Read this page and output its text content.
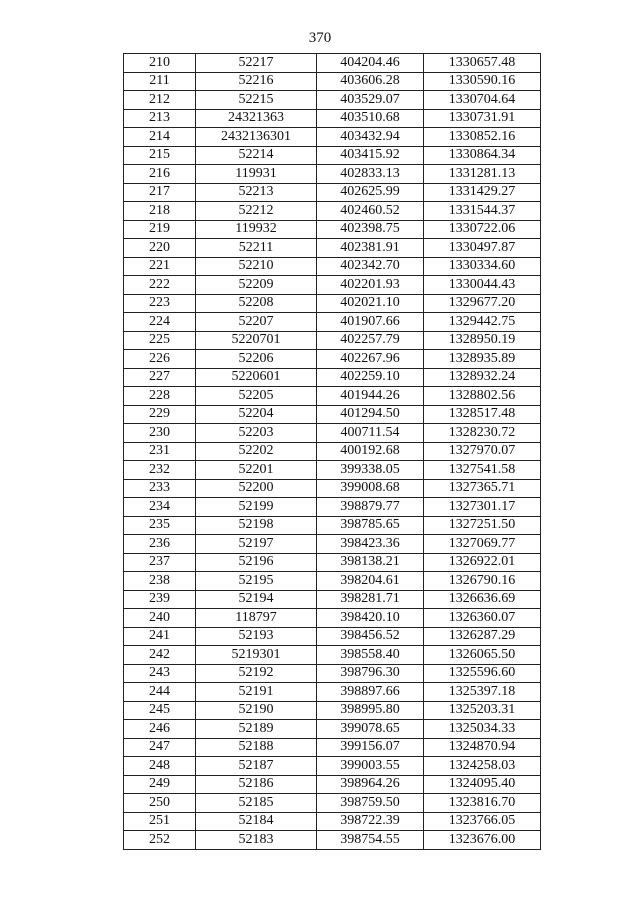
370
210	52217	404204.46	1330657.48
211	52216	403606.28	1330590.16
212	52215	403529.07	1330704.64
213	24321363	403510.68	1330731.91
214	2432136301	403432.94	1330852.16
215	52214	403415.92	1330864.34
216	119931	402833.13	1331281.13
217	52213	402625.99	1331429.27
218	52212	402460.52	1331544.37
219	119932	402398.75	1330722.06
220	52211	402381.91	1330497.87
221	52210	402342.70	1330334.60
222	52209	402201.93	1330044.43
223	52208	402021.10	1329677.20
224	52207	401907.66	1329442.75
225	5220701	402257.79	1328950.19
226	52206	402267.96	1328935.89
227	5220601	402259.10	1328932.24
228	52205	401944.26	1328802.56
229	52204	401294.50	1328517.48
230	52203	400711.54	1328230.72
231	52202	400192.68	1327970.07
232	52201	399338.05	1327541.58
233	52200	399008.68	1327365.71
234	52199	398879.77	1327301.17
235	52198	398785.65	1327251.50
236	52197	398423.36	1327069.77
237	52196	398138.21	1326922.01
238	52195	398204.61	1326790.16
239	52194	398281.71	1326636.69
240	118797	398420.10	1326360.07
241	52193	398456.52	1326287.29
242	5219301	398558.40	1326065.50
243	52192	398796.30	1325596.60
244	52191	398897.66	1325397.18
245	52190	398995.80	1325203.31
246	52189	399078.65	1325034.33
247	52188	399156.07	1324870.94
248	52187	399003.55	1324258.03
249	52186	398964.26	1324095.40
250	52185	398759.50	1323816.70
251	52184	398722.39	1323766.05
252	52183	398754.55	1323676.00
